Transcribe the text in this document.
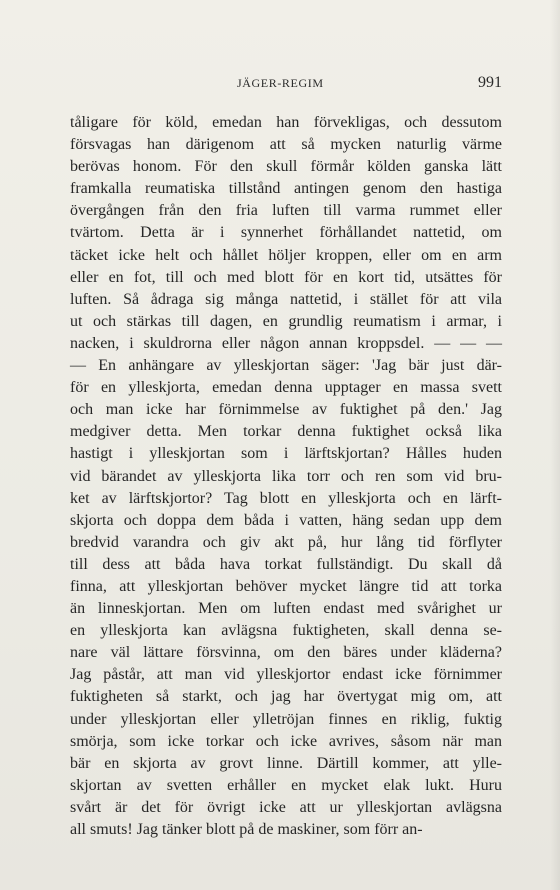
JÄGER-REGIM	991
tåligare för köld, emedan han förvekligas, och dessutom
försvagas han därigenom att så mycken naturlig värme
berövas honom. För den skull förmår kölden ganska lätt
framkalla reumatiska tillstånd antingen genom den hastiga
övergången från den fria luften till varma rummet eller
tvärtom. Detta är i synnerhet förhållandet nattetid, om
täcket icke helt och hållet höljer kroppen, eller om en arm
eller en fot, till och med blott för en kort tid, utsättes för
luften. Så ådraga sig många nattetid, i stället för att vila
ut och stärkas till dagen, en grundlig reumatism i armar, i
nacken, i skuldrorna eller någon annan kroppsdel. — — —
— En anhängare av ylleskjortan säger: 'Jag bär just där-
för en ylleskjorta, emedan denna upptager en massa svett
och man icke har förnimmelse av fuktighet på den.' Jag
medgiver detta. Men torkar denna fuktighet också lika
hastigt i ylleskjortan som i lärftskjortan? Hålles huden
vid bärandet av ylleskjorta lika torr och ren som vid bru-
ket av lärftskjortor? Tag blott en ylleskjorta och en lärft-
skjorta och doppa dem båda i vatten, häng sedan upp dem
bredvid varandra och giv akt på, hur lång tid förflyter
till dess att båda hava torkat fullständigt. Du skall då
finna, att ylleskjortan behöver mycket längre tid att torka
än linneskjortan. Men om luften endast med svårighet ur
en ylleskjorta kan avlägsna fuktigheten, skall denna se-
nare väl lättare försvinna, om den bäres under kläderna?
Jag påstår, att man vid ylleskjortor endast icke förnimmer
fuktigheten så starkt, och jag har övertygat mig om, att
under ylleskjortan eller ylletröjan finnes en riklig, fuktig
smörja, som icke torkar och icke avrives, såsom när man
bär en skjorta av grovt linne. Därtill kommer, att ylle-
skjortan av svetten erhåller en mycket elak lukt. Huru
svårt är det för övrigt icke att ur ylleskjortan avlägsna
all smuts! Jag tänker blott på de maskiner, som förr an-
